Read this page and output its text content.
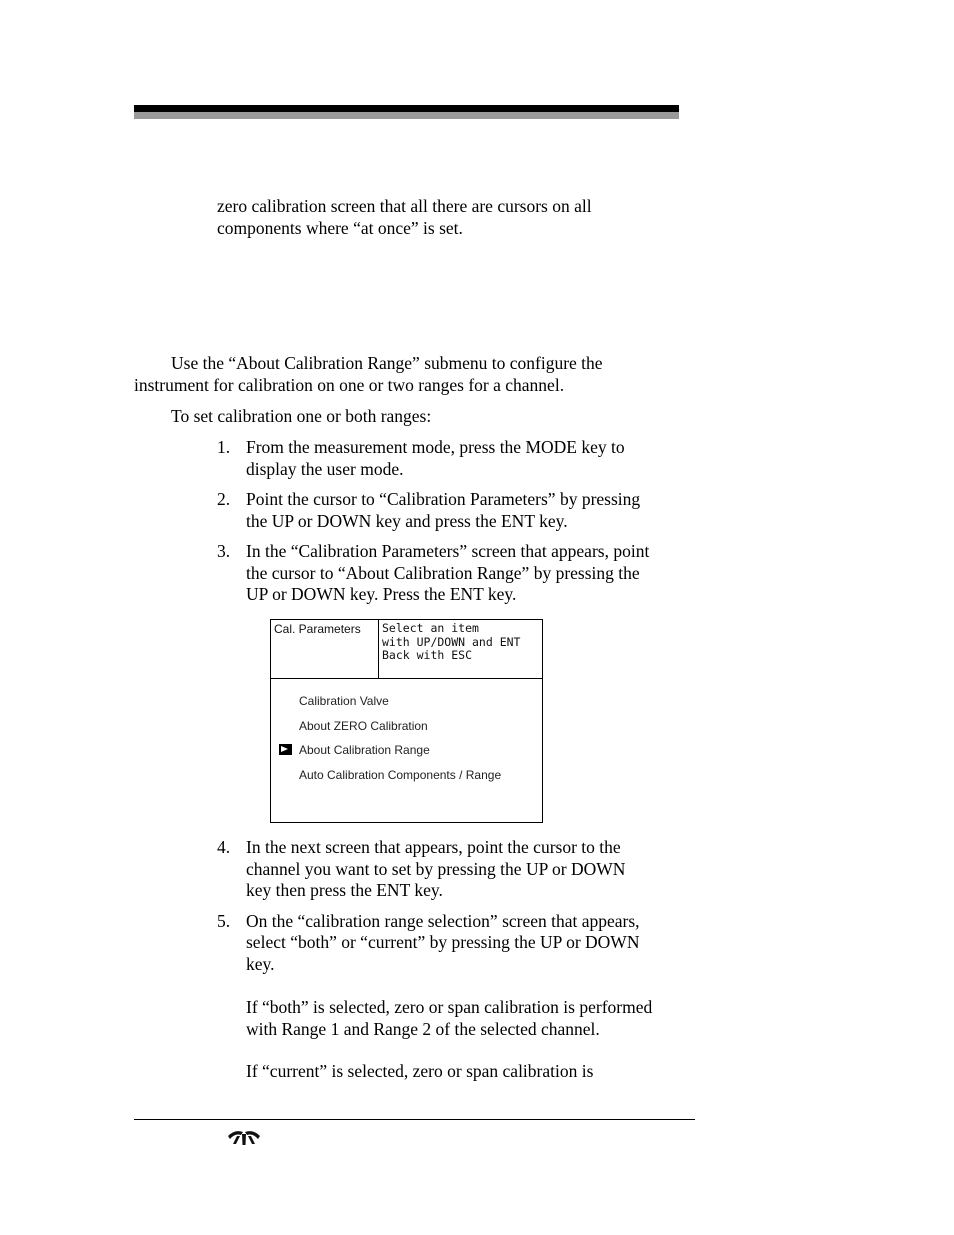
zero calibration screen that all there are cursors on all
components where “at once” is set.
Use the “About Calibration Range” submenu to configure the
instrument for calibration on one or two ranges for a channel.
To set calibration one or both ranges:
1. From the measurement mode, press the MODE key to
display the user mode.
2. Point the cursor to “Calibration Parameters” by pressing
the UP or DOWN key and press the ENT key.
3. In the “Calibration Parameters” screen that appears, point
the cursor to “About Calibration Range” by pressing the
UP or DOWN key. Press the ENT key.
Cal. Parameters Select an item
with UP/DOWN and ENT
Back with ESC
Calibration Valve
About ZERO Calibration
About Calibration Range
Auto Calibration Components / Range
4. In the next screen that appears, point the cursor to the
channel you want to set by pressing the UP or DOWN
key then press the ENT key.
5. On the “calibration range selection” screen that appears,
select “both” or “current” by pressing the UP or DOWN
key.
If “both” is selected, zero or span calibration is performed
with Range 1 and Range 2 of the selected channel.
If “current” is selected, zero or span calibration is
